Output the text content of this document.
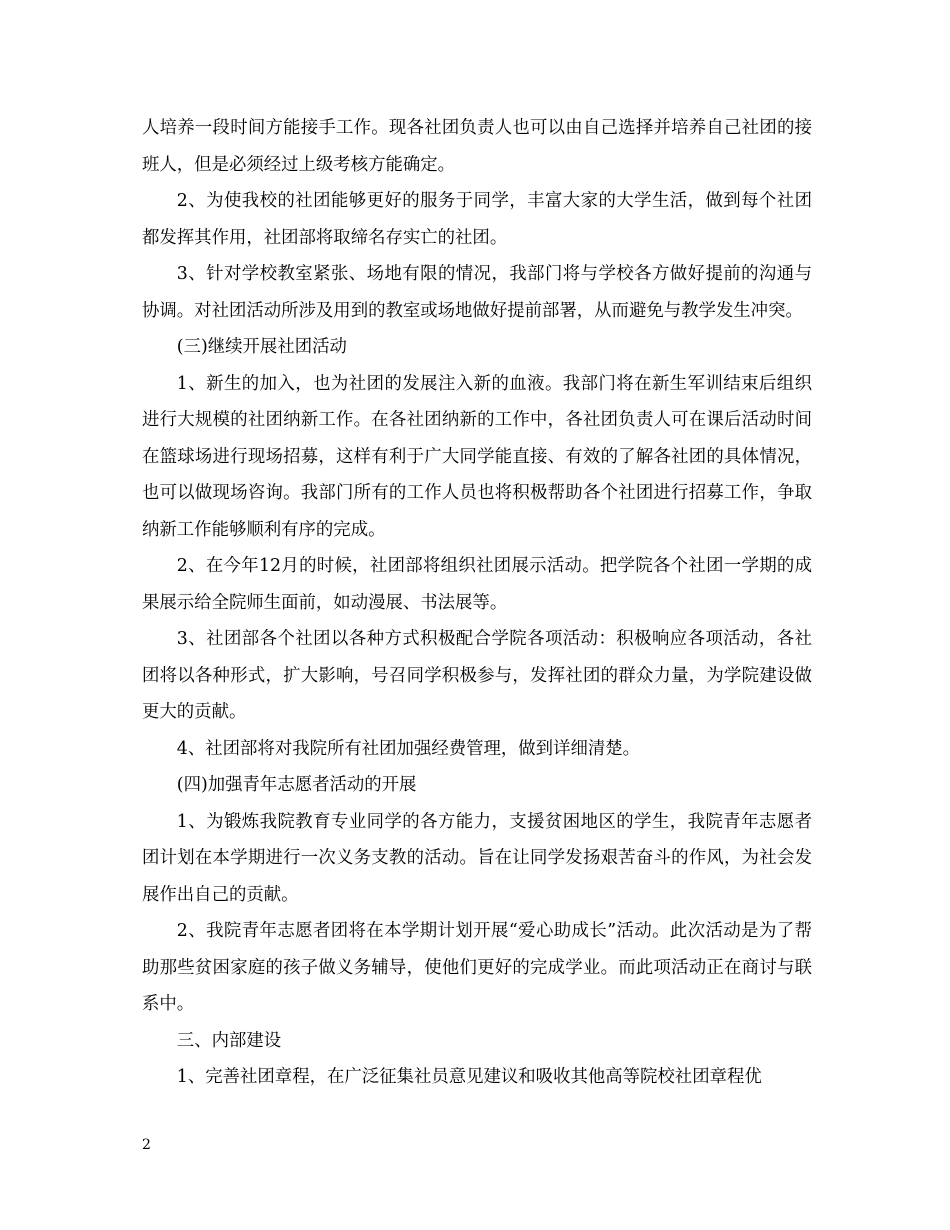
人培养一段时间方能接手工作。现各社团负责人也可以由自己选择并培养自己社团的接班人，但是必须经过上级考核方能确定。

2、为使我校的社团能够更好的服务于同学，丰富大家的大学生活，做到每个社团都发挥其作用，社团部将取缔名存实亡的社团。

3、针对学校教室紧张、场地有限的情况，我部门将与学校各方做好提前的沟通与协调。对社团活动所涉及用到的教室或场地做好提前部署，从而避免与教学发生冲突。

(三)继续开展社团活动

1、新生的加入，也为社团的发展注入新的血液。我部门将在新生军训结束后组织进行大规模的社团纳新工作。在各社团纳新的工作中，各社团负责人可在课后活动时间在篮球场进行现场招募，这样有利于广大同学能直接、有效的了解各社团的具体情况，也可以做现场咨询。我部门所有的工作人员也将积极帮助各个社团进行招募工作，争取纳新工作能够顺利有序的完成。

2、在今年12月的时候，社团部将组织社团展示活动。把学院各个社团一学期的成果展示给全院师生面前，如动漫展、书法展等。

3、社团部各个社团以各种方式积极配合学院各项活动：积极响应各项活动，各社团将以各种形式，扩大影响，号召同学积极参与，发挥社团的群众力量，为学院建设做更大的贡献。

4、社团部将对我院所有社团加强经费管理，做到详细清楚。

(四)加强青年志愿者活动的开展

1、为锻炼我院教育专业同学的各方能力，支援贫困地区的学生，我院青年志愿者团计划在本学期进行一次义务支教的活动。旨在让同学发扬艰苦奋斗的作风，为社会发展作出自己的贡献。

2、我院青年志愿者团将在本学期计划开展“爱心助成长”活动。此次活动是为了帮助那些贫困家庭的孩子做义务辅导，使他们更好的完成学业。而此项活动正在商讨与联系中。

三、内部建设

1、完善社团章程，在广泛征集社员意见建议和吸收其他高等院校社团章程优

2
